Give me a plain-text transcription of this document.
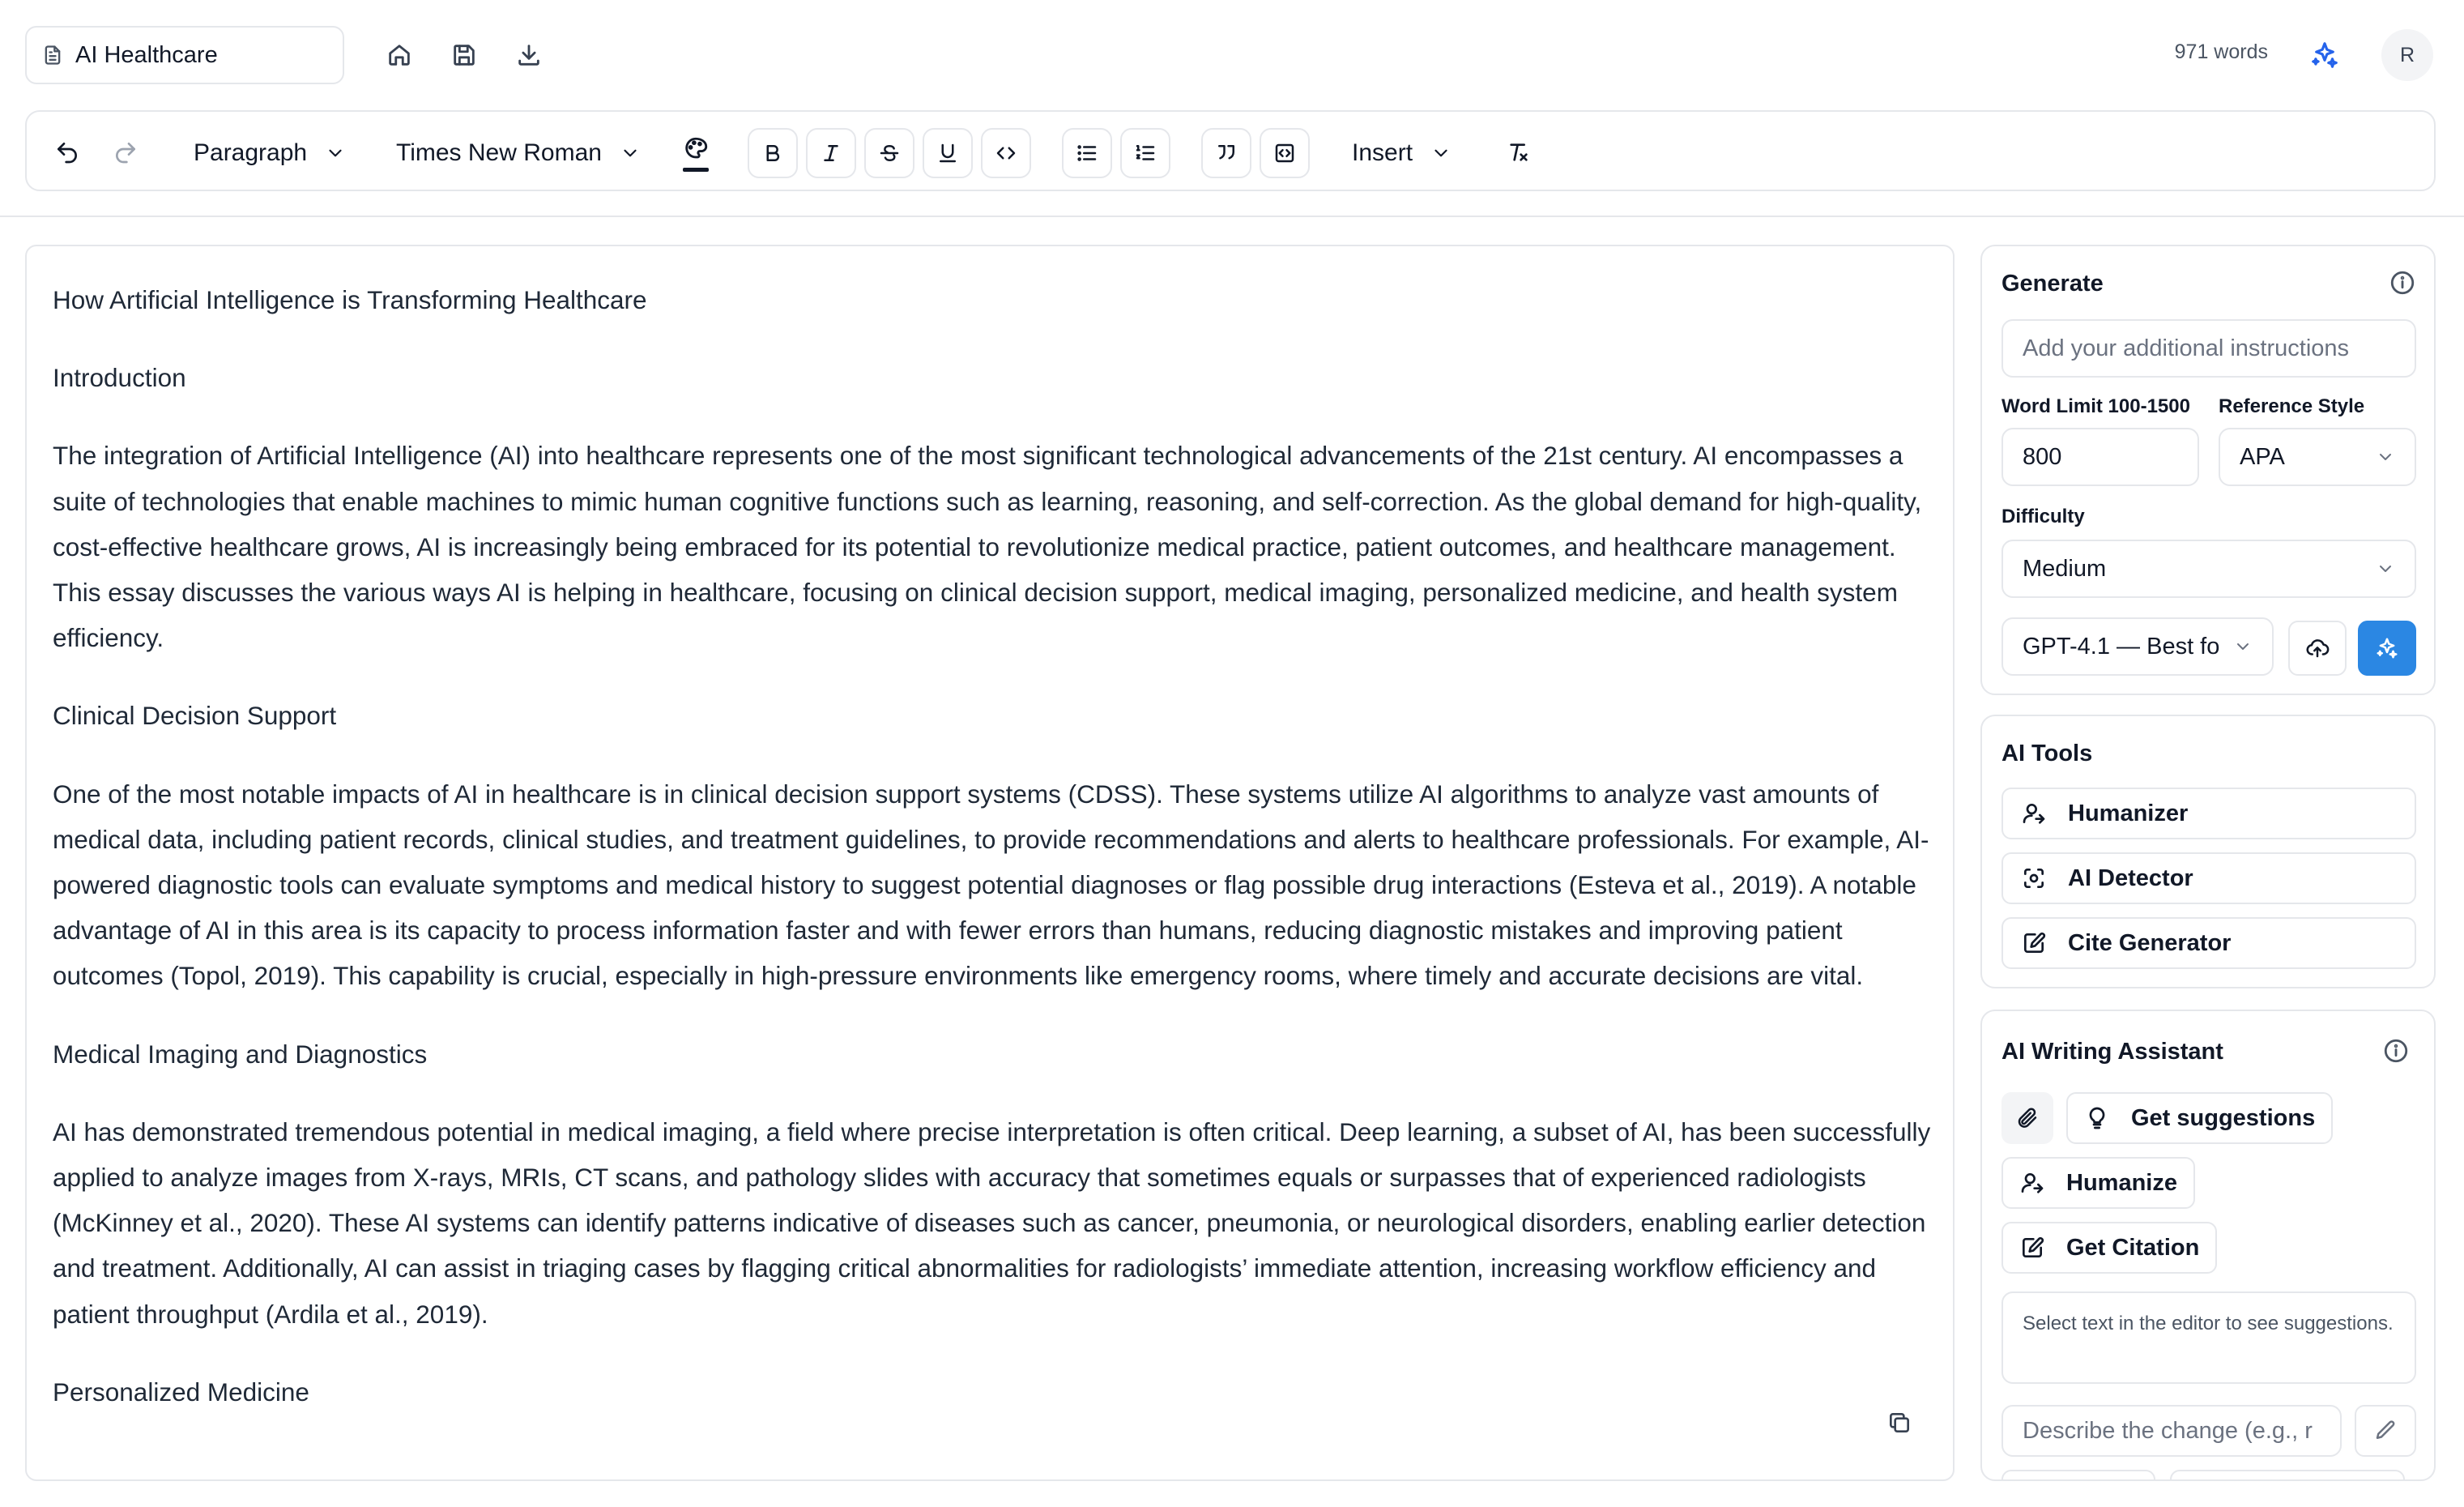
AI Healthcare	971 words	R
Paragraph	Times New Roman	Insert

How Artificial Intelligence is Transforming Healthcare

Introduction

The integration of Artificial Intelligence (AI) into healthcare represents one of the most significant technological advancements of the 21st century. AI encompasses a suite of technologies that enable machines to mimic human cognitive functions such as learning, reasoning, and self-correction. As the global demand for high-quality, cost-effective healthcare grows, AI is increasingly being embraced for its potential to revolutionize medical practice, patient outcomes, and healthcare management. This essay discusses the various ways AI is helping in healthcare, focusing on clinical decision support, medical imaging, personalized medicine, and health system efficiency.

Clinical Decision Support

One of the most notable impacts of AI in healthcare is in clinical decision support systems (CDSS). These systems utilize AI algorithms to analyze vast amounts of medical data, including patient records, clinical studies, and treatment guidelines, to provide recommendations and alerts to healthcare professionals. For example, AI-powered diagnostic tools can evaluate symptoms and medical history to suggest potential diagnoses or flag possible drug interactions (Esteva et al., 2019). A notable advantage of AI in this area is its capacity to process information faster and with fewer errors than humans, reducing diagnostic mistakes and improving patient outcomes (Topol, 2019). This capability is crucial, especially in high-pressure environments like emergency rooms, where timely and accurate decisions are vital.

Medical Imaging and Diagnostics

AI has demonstrated tremendous potential in medical imaging, a field where precise interpretation is often critical. Deep learning, a subset of AI, has been successfully applied to analyze images from X-rays, MRIs, CT scans, and pathology slides with accuracy that sometimes equals or surpasses that of experienced radiologists (McKinney et al., 2020). These AI systems can identify patterns indicative of diseases such as cancer, pneumonia, or neurological disorders, enabling earlier detection and treatment. Additionally, AI can assist in triaging cases by flagging critical abnormalities for radiologists’ immediate attention, increasing workflow efficiency and patient throughput (Ardila et al., 2019).

Personalized Medicine

Generate
Add your additional instructions
Word Limit 100-1500 Reference Style
800	APA
Difficulty
Medium
GPT-4.1 — Best fo
AI Tools
Humanizer
AI Detector
Cite Generator
AI Writing Assistant
Get suggestions
Humanize
Get Citation
Select text in the editor to see suggestions.
Describe the change (e.g., r
